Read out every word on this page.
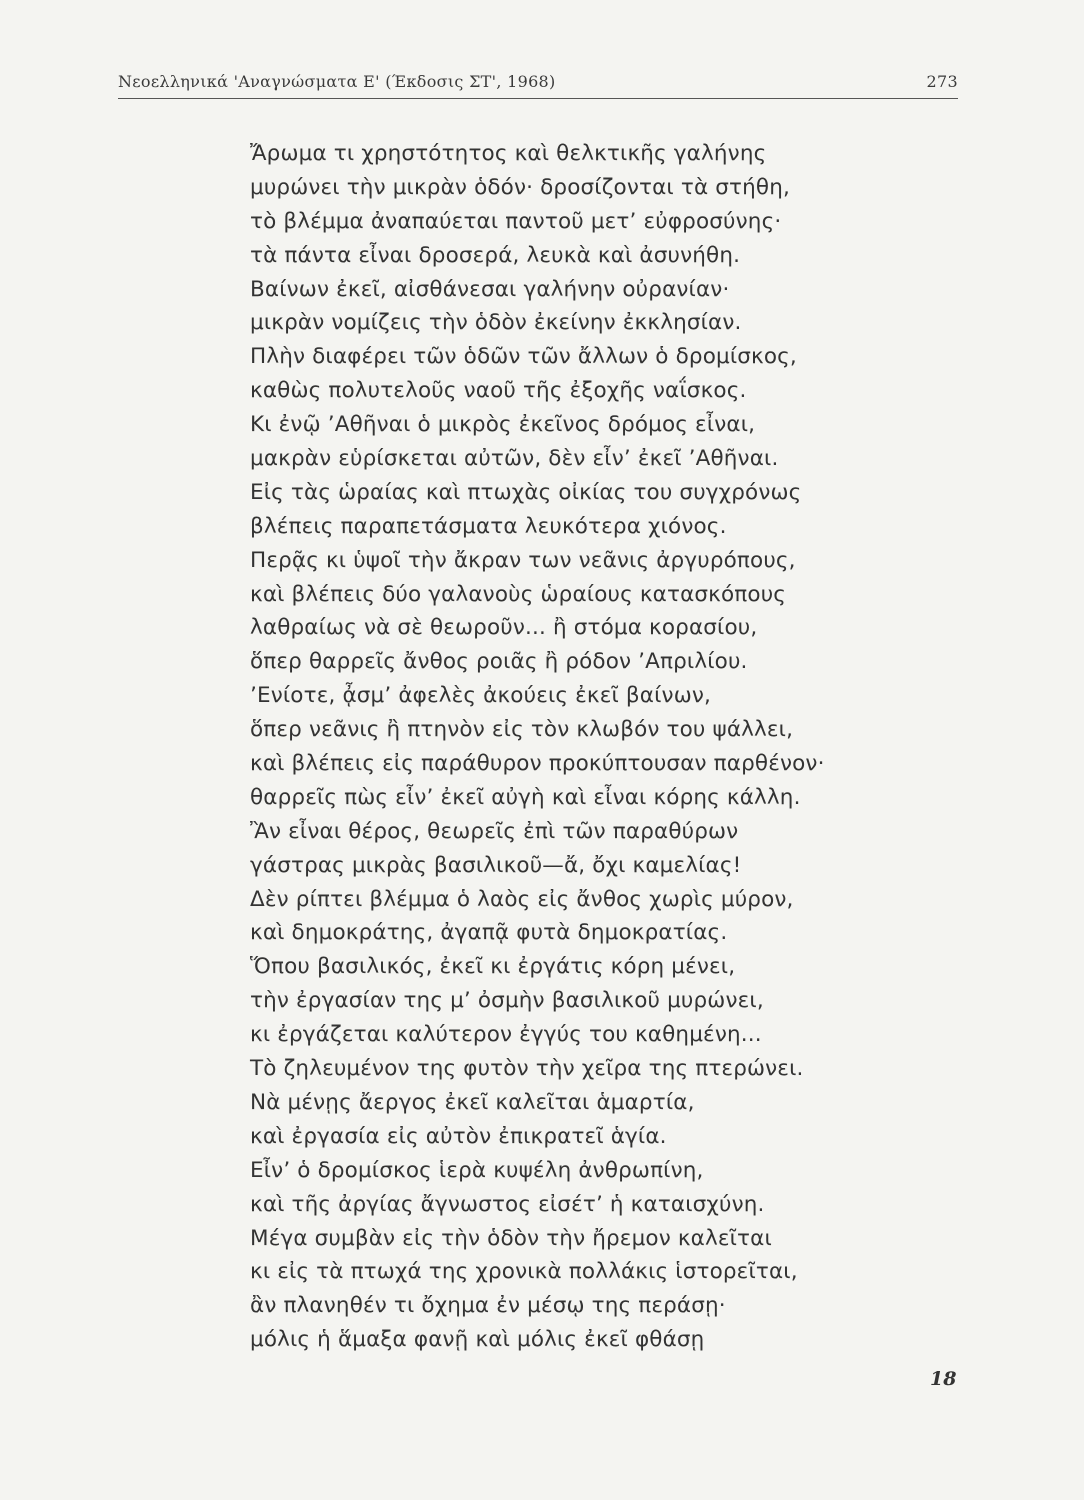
Νεοελληνικά 'Αναγνώσματα Ε' (Έκδοσις ΣΤ', 1968)	273
Ἄρωμα τι χρηστότητος καὶ θελκτικῆς γαλήνης
μυρώνει τὴν μικρὰν ὁδόν· δροσίζονται τὰ στήθη,
τὸ βλέμμα ἀναπαύεται παντοῦ μετ’ εὐφροσύνης·
τὰ πάντα εἶναι δροσερά, λευκὰ καὶ ἀσυνήθη.
Βαίνων ἐκεῖ, αἰσθάνεσαι γαλήνην οὐρανίαν·
μικρὰν νομίζεις τὴν ὁδὸν ἐκείνην ἐκκλησίαν.
Πλὴν διαφέρει τῶν ὁδῶν τῶν ἄλλων ὁ δρομίσκος,
καθὼς πολυτελοῦς ναοῦ τῆς ἐξοχῆς ναΐσκος.
Κι ἐνῷ ’Αθῆναι ὁ μικρὸς ἐκεῖνος δρόμος εἶναι,
μακρὰν εὑρίσκεται αὐτῶν, δὲν εἶν’ ἐκεῖ ’Αθῆναι.
Εἰς τὰς ὡραίας καὶ πτωχὰς οἰκίας του συγχρόνως
βλέπεις παραπετάσματα λευκότερα χιόνος.
Περᾷς κι ὑψοῖ τὴν ἄκραν των νεᾶνις ἀργυρόπους,
καὶ βλέπεις δύο γαλανοὺς ὡραίους κατασκόπους
λαθραίως νὰ σὲ θεωροῦν... ἢ στόμα κορασίου,
ὅπερ θαρρεῖς ἄνθος ροιᾶς ἢ ρόδον ’Απριλίου.
’Ενίοτε, ᾆσμ’ ἀφελὲς ἀκούεις ἐκεῖ βαίνων,
ὅπερ νεᾶνις ἢ πτηνὸν εἰς τὸν κλωβόν του ψάλλει,
καὶ βλέπεις εἰς παράθυρον προκύπτουσαν παρθένον·
θαρρεῖς πὼς εἶν’ ἐκεῖ αὐγὴ καὶ εἶναι κόρης κάλλη.
Ἂν εἶναι θέρος, θεωρεῖς ἐπὶ τῶν παραθύρων
γάστρας μικρὰς βασιλικοῦ—ἄ, ὄχι καμελίας!
Δὲν ρίπτει βλέμμα ὁ λαὸς εἰς ἄνθος χωρὶς μύρον,
καὶ δημοκράτης, ἀγαπᾷ φυτὰ δημοκρατίας.
Ὅπου βασιλικός, ἐκεῖ κι ἐργάτις κόρη μένει,
τὴν ἐργασίαν της μ’ ὀσμὴν βασιλικοῦ μυρώνει,
κι ἐργάζεται καλύτερον ἐγγύς του καθημένη...
Τὸ ζηλευμένον της φυτὸν τὴν χεῖρα της πτερώνει.
Νὰ μένῃς ἄεργος ἐκεῖ καλεῖται ἁμαρτία,
καὶ ἐργασία εἰς αὐτὸν ἐπικρατεῖ ἁγία.
Εἶν’ ὁ δρομίσκος ἱερὰ κυψέλη ἀνθρωπίνη,
καὶ τῆς ἀργίας ἄγνωστος εἰσέτ’ ἡ καταισχύνη.
Μέγα συμβὰν εἰς τὴν ὁδὸν τὴν ἤρεμον καλεῖται
κι εἰς τὰ πτωχά της χρονικὰ πολλάκις ἱστορεῖται,
ἂν πλανηθέν τι ὄχημα ἐν μέσῳ της περάσῃ·
μόλις ἡ ἅμαξα φανῇ καὶ μόλις ἐκεῖ φθάσῃ
18
